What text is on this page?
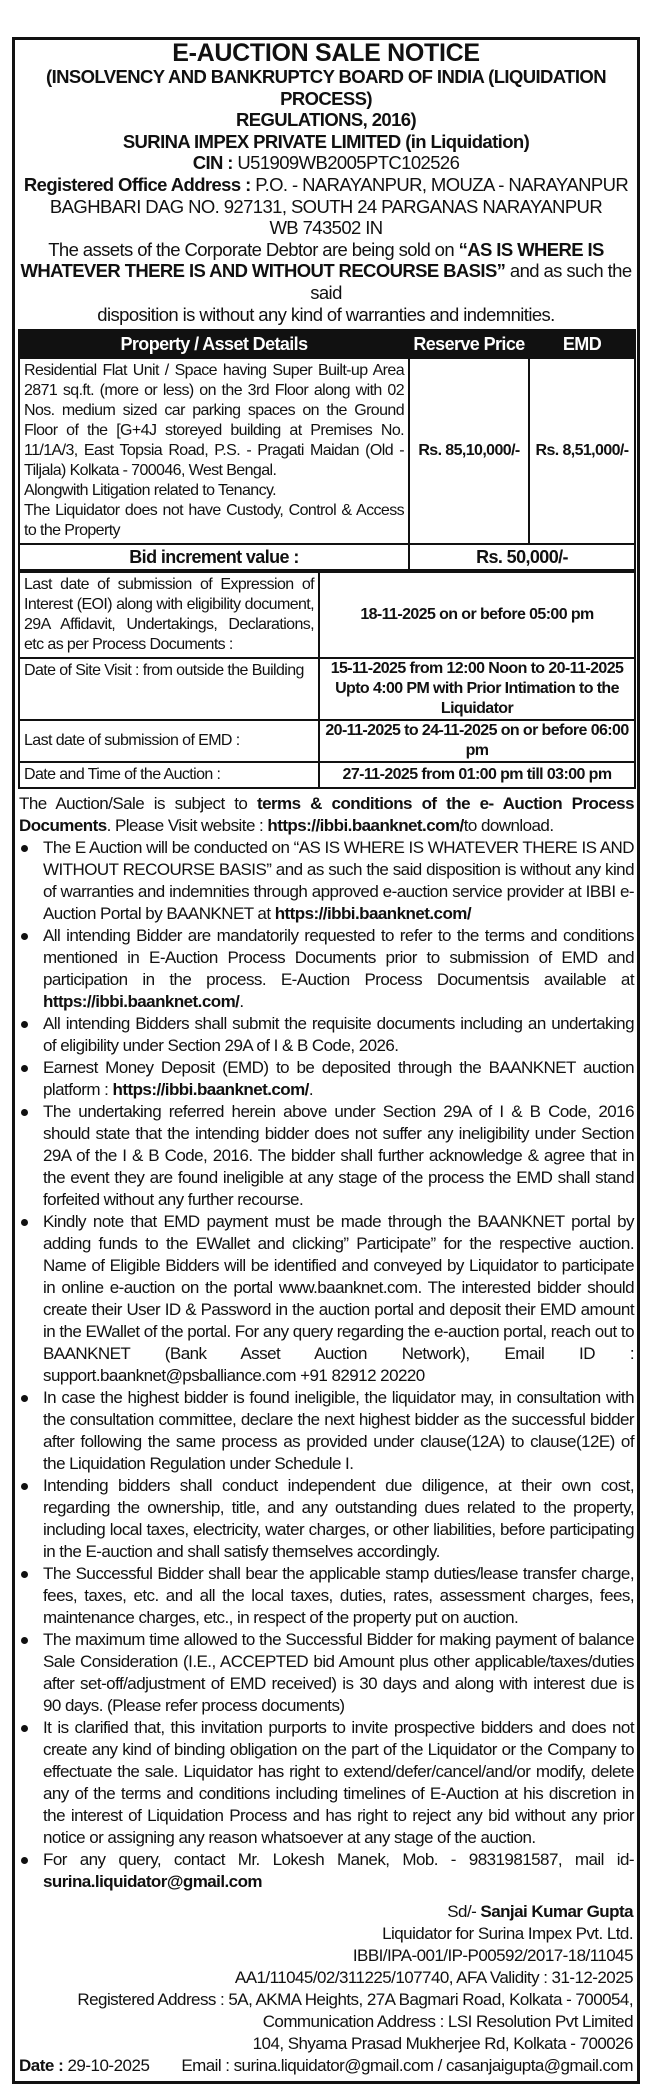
E-AUCTION SALE NOTICE
(INSOLVENCY AND BANKRUPTCY BOARD OF INDIA (LIQUIDATION PROCESS)
REGULATIONS, 2016)
SURINA IMPEX PRIVATE LIMITED (in Liquidation)
CIN : U51909WB2005PTC102526
Registered Office Address : P.O. - NARAYANPUR, MOUZA - NARAYANPUR
BAGHBARI DAG NO. 927131, SOUTH 24 PARGANAS NARAYANPUR
WB 743502 IN
The assets of the Corporate Debtor are being sold on “AS IS WHERE IS
WHATEVER THERE IS AND WITHOUT RECOURSE BASIS” and as such the said
disposition is without any kind of warranties and indemnities.
Property / Asset Details	Reserve Price	EMD

Residential Flat Unit / Space having Super Built-up Area 2871 sq.ft. (more or less) on the 3rd Floor along with 02 Nos. medium sized car parking spaces on the Ground Floor of the [G+4J storeyed building at Premises No. 11/1A/3, East Topsia Road, P.S. - Pragati Maidan (Old -Tiljala) Kolkata - 700046, West Bengal.
Alongwith Litigation related to Tenancy.
The Liquidator does not have Custody, Control & Access to the Property	Rs. 85,10,000/-	Rs. 8,51,000/-
Bid increment value :	Rs. 50,000/-	
Last date of submission of Expression of Interest (EOI) along with eligibility document, 29A Affidavit, Undertakings, Declarations, etc as per Process Documents :	18-11-2025 on or before 05:00 pm
Date of Site Visit : from outside the Building	15-11-2025 from 12:00 Noon to 20-11-2025 Upto 4:00 PM with Prior Intimation to the Liquidator
Last date of submission of EMD :	20-11-2025 to 24-11-2025 on or before 06:00 pm
Date and Time of the Auction :	27-11-2025 from 01:00 pm till 03:00 pm
The Auction/Sale is subject to terms & conditions of the e- Auction Process Documents. Please Visit website : https://ibbi.baanknet.com/to download.
The E Auction will be conducted on “AS IS WHERE IS WHATEVER THERE IS AND WITHOUT RECOURSE BASIS” and as such the said disposition is without any kind of warranties and indemnities through approved e-auction service provider at IBBI e-Auction Portal by BAANKNET at https://ibbi.baanknet.com/
All intending Bidder are mandatorily requested to refer to the terms and conditions mentioned in E-Auction Process Documents prior to submission of EMD and participation in the process. E-Auction Process Documentsis available at https://ibbi.baanknet.com/.
All intending Bidders shall submit the requisite documents including an undertaking of eligibility under Section 29A of I & B Code, 2026.
Earnest Money Deposit (EMD) to be deposited through the BAANKNET auction platform : https://ibbi.baanknet.com/.
The undertaking referred herein above under Section 29A of I & B Code, 2016 should state that the intending bidder does not suffer any ineligibility under Section 29A of the I & B Code, 2016. The bidder shall further acknowledge & agree that in the event they are found ineligible at any stage of the process the EMD shall stand forfeited without any further recourse.
Kindly note that EMD payment must be made through the BAANKNET portal by adding funds to the EWallet and clicking” Participate” for the respective auction. Name of Eligible Bidders will be identified and conveyed by Liquidator to participate in online e-auction on the portal www.baanknet.com. The interested bidder should create their User ID & Password in the auction portal and deposit their EMD amount in the EWallet of the portal. For any query regarding the e-auction portal, reach out to BAANKNET (Bank Asset Auction Network), Email ID : support.baanknet@psballiance.com +91 82912 20220
In case the highest bidder is found ineligible, the liquidator may, in consultation with the consultation committee, declare the next highest bidder as the successful bidder after following the same process as provided under clause(12A) to clause(12E) of the Liquidation Regulation under Schedule I.
Intending bidders shall conduct independent due diligence, at their own cost, regarding the ownership, title, and any outstanding dues related to the property, including local taxes, electricity, water charges, or other liabilities, before participating in the E-auction and shall satisfy themselves accordingly.
The Successful Bidder shall bear the applicable stamp duties/lease transfer charge, fees, taxes, etc. and all the local taxes, duties, rates, assessment charges, fees, maintenance charges, etc., in respect of the property put on auction.
The maximum time allowed to the Successful Bidder for making payment of balance Sale Consideration (I.E., ACCEPTED bid Amount plus other applicable/taxes/duties after set-off/adjustment of EMD received) is 30 days and along with interest due is 90 days. (Please refer process documents)
It is clarified that, this invitation purports to invite prospective bidders and does not create any kind of binding obligation on the part of the Liquidator or the Company to effectuate the sale. Liquidator has right to extend/defer/cancel/and/or modify, delete any of the terms and conditions including timelines of E-Auction at his discretion in the interest of Liquidation Process and has right to reject any bid without any prior notice or assigning any reason whatsoever at any stage of the auction.
For any query, contact Mr. Lokesh Manek, Mob. - 9831981587, mail id- surina.liquidator@gmail.com
Sd/- Sanjai Kumar Gupta
Liquidator for Surina Impex Pvt. Ltd.
IBBI/IPA-001/IP-P00592/2017-18/11045
AA1/11045/02/311225/107740, AFA Validity : 31-12-2025
Registered Address : 5A, AKMA Heights, 27A Bagmari Road, Kolkata - 700054,
Communication Address : LSI Resolution Pvt Limited
104, Shyama Prasad Mukherjee Rd, Kolkata - 700026
Date : 29-10-2025 Email : surina.liquidator@gmail.com / casanjaigupta@gmail.com
